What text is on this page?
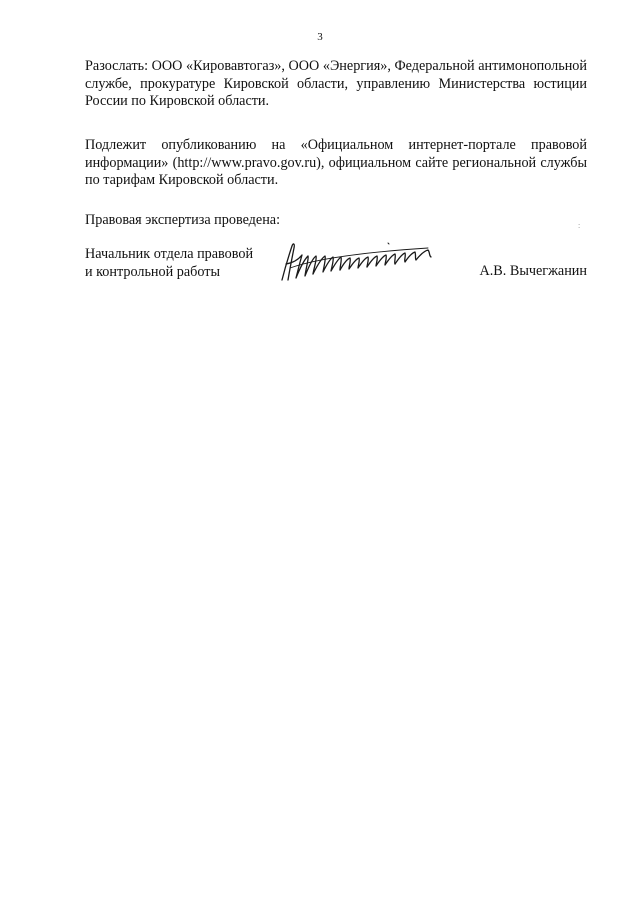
3

Разослать: ООО «Кировавтогаз», ООО «Энергия», Федеральной антимонопольной службе, прокуратуре Кировской области, управлению Министерства юстиции России по Кировской области.

Подлежит опубликованию на «Официальном интернет-портале правовой информации» (http://www.pravo.gov.ru), официальном сайте региональной службы по тарифам Кировской области.

Правовая экспертиза проведена:	:
Начальник отдела правовой
и контрольной работы	А.В. Вычегжанин
